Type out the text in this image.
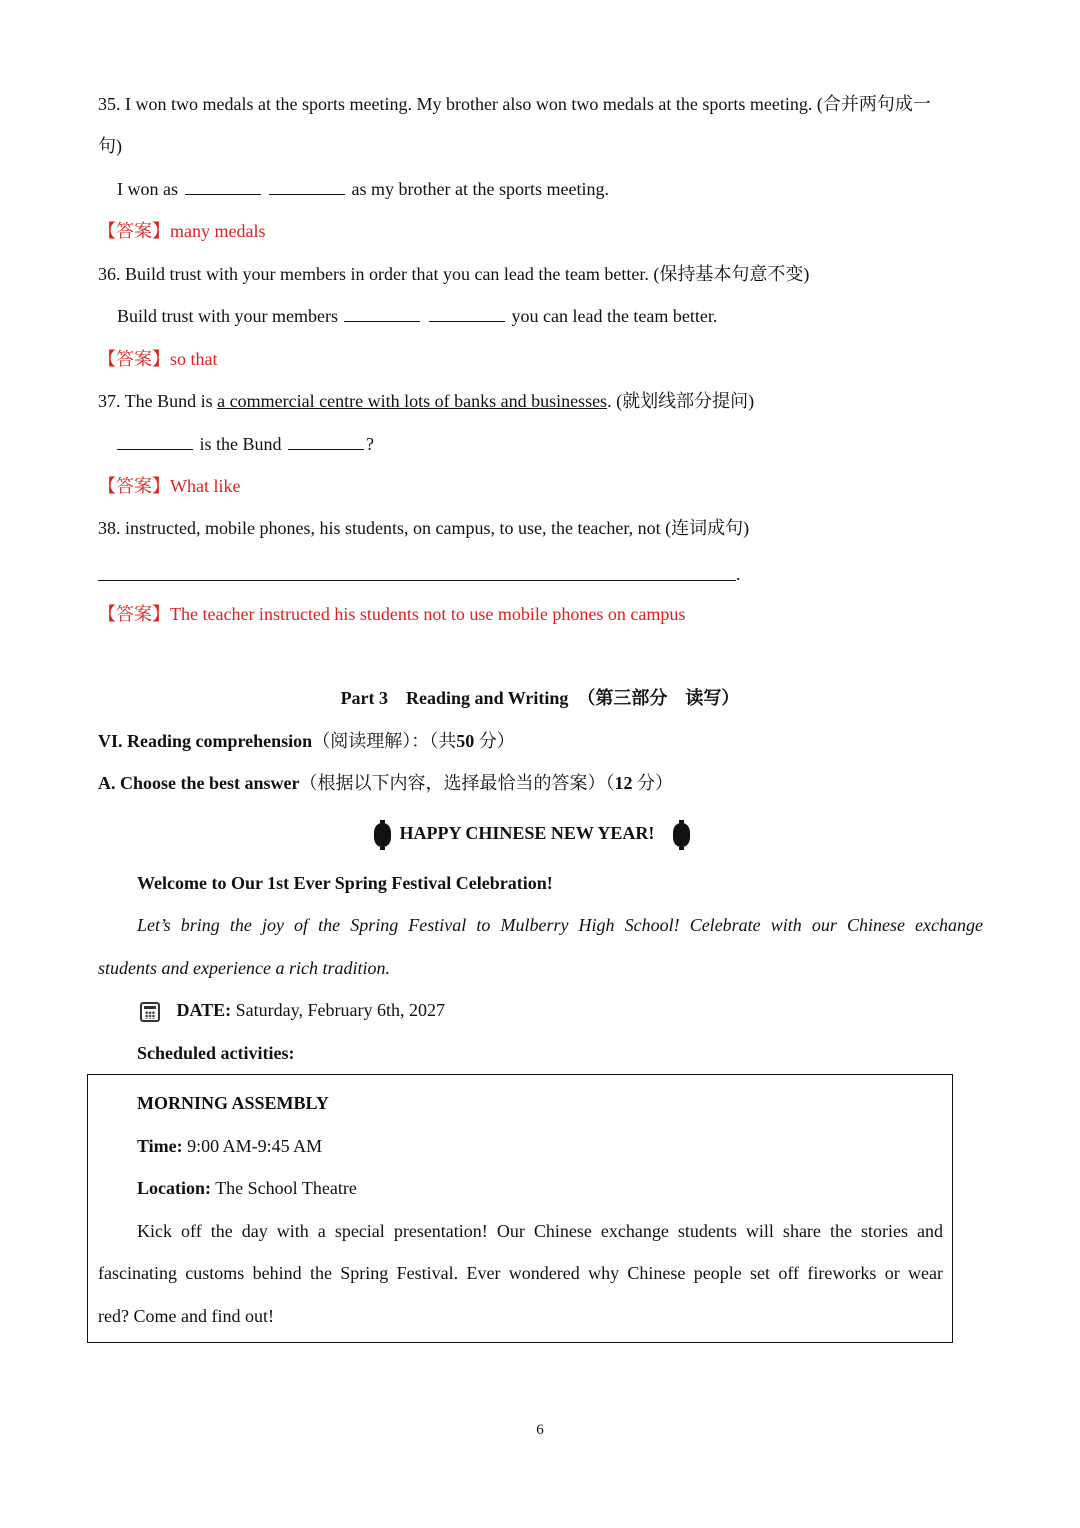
35. I won two medals at the sports meeting. My brother also won two medals at the sports meeting. (合并两句成一
句)
I won as	as my brother at the sports meeting.
【答案】many medals
36. Build trust with your members in order that you can lead the team better. (保持基本句意不变)
Build trust with your members	you can lead the team better.
【答案】so that
37. The Bund is a commercial centre with lots of banks and businesses. (就划线部分提问)
is the Bund	?
【答案】What like
38. instructed, mobile phones, his students, on campus, to use, the teacher, not (连词成句)
.
【答案】The teacher instructed his students not to use mobile phones on campus
Part 3    Reading and Writing  （第三部分    读写）
VI. Reading comprehension（阅读理解）：（共50 分）
A. Choose the best answer（根据以下内容，选择最恰当的答案）（12 分）
HAPPY CHINESE NEW YEAR!
Welcome to Our 1st Ever Spring Festival Celebration!
Let’s bring the joy of the Spring Festival to Mulberry High School! Celebrate with our Chinese exchange
students and experience a rich tradition.
DATE: Saturday, February 6th, 2027
Scheduled activities:
MORNING ASSEMBLY
Time: 9:00 AM-9:45 AM
Location: The School Theatre
Kick off the day with a special presentation! Our Chinese exchange students will share the stories and
fascinating customs behind the Spring Festival. Ever wondered why Chinese people set off fireworks or wear
red? Come and find out!
6
